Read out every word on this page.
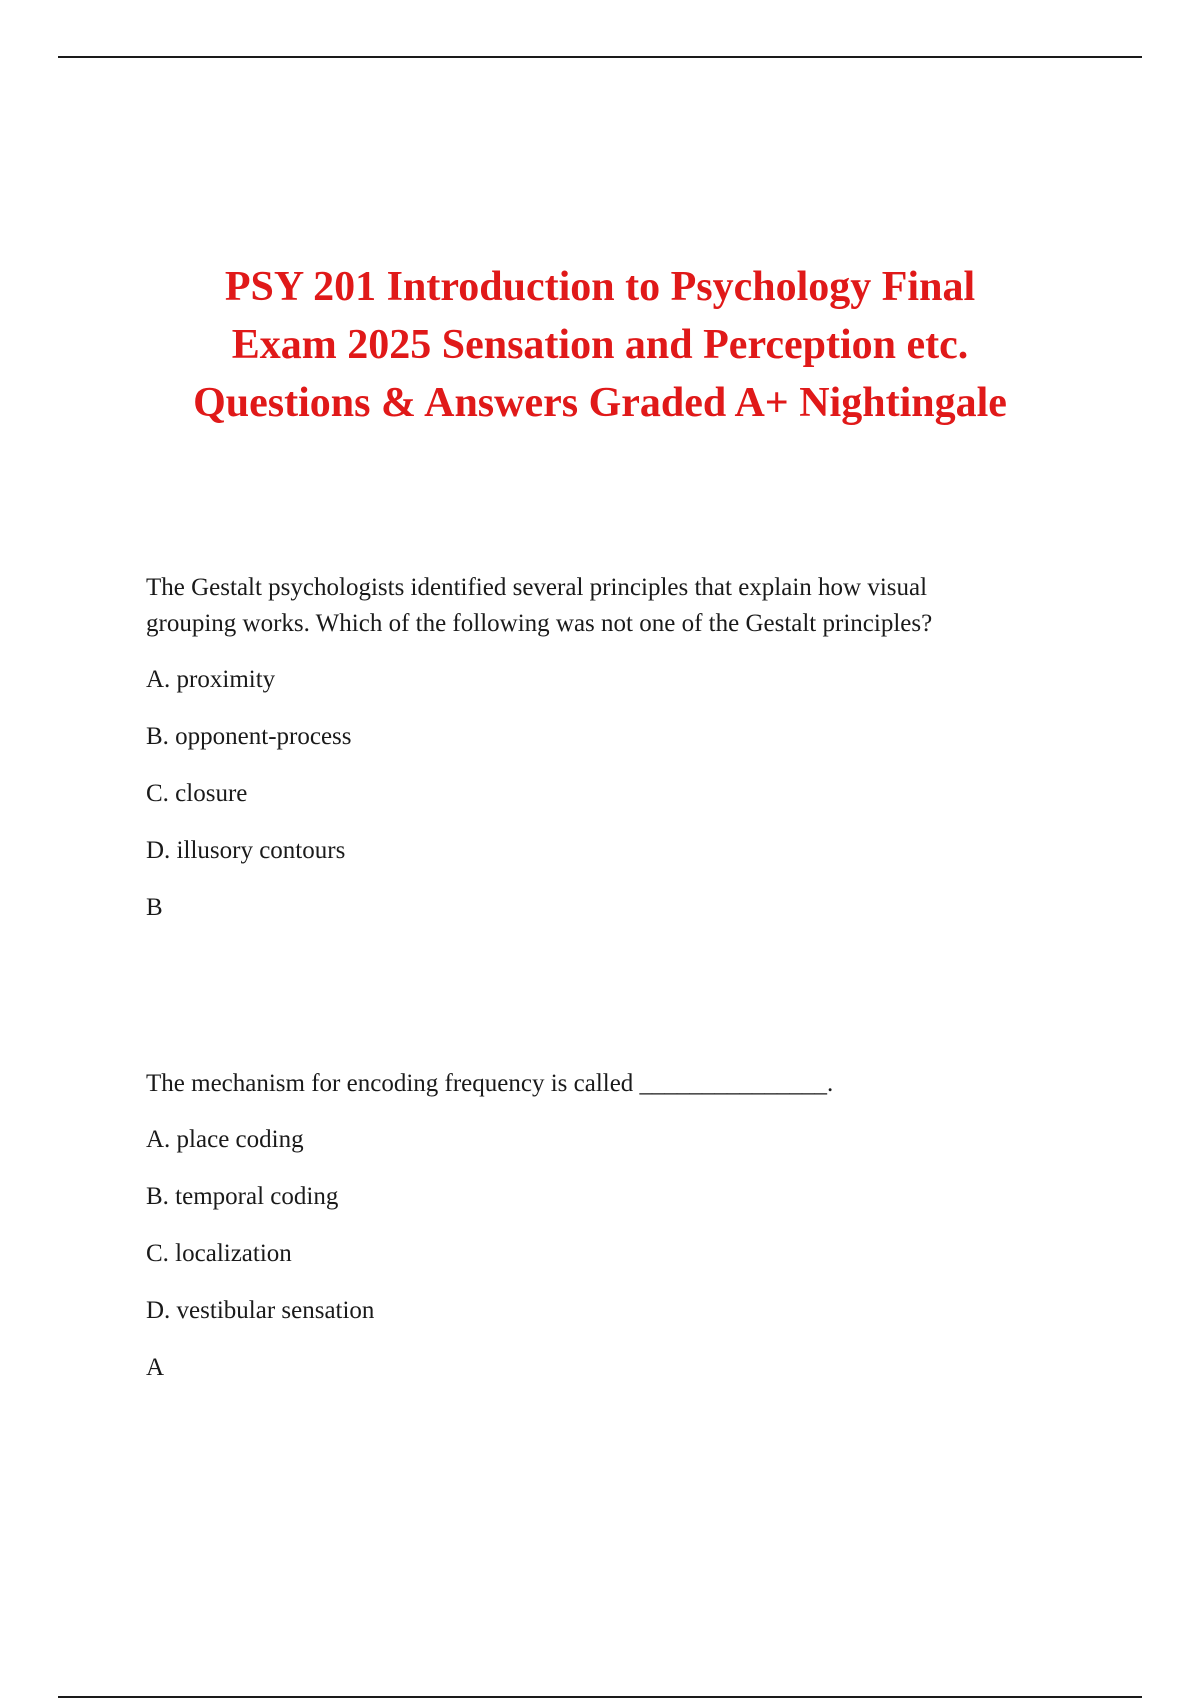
PSY 201 Introduction to Psychology Final
Exam 2025 Sensation and Perception etc.
Questions & Answers Graded A+ Nightingale
The Gestalt psychologists identified several principles that explain how visual
grouping works. Which of the following was not one of the Gestalt principles?
A. proximity
B. opponent-process
C. closure
D. illusory contours
B
The mechanism for encoding frequency is called _______________.
A. place coding
B. temporal coding
C. localization
D. vestibular sensation
A
